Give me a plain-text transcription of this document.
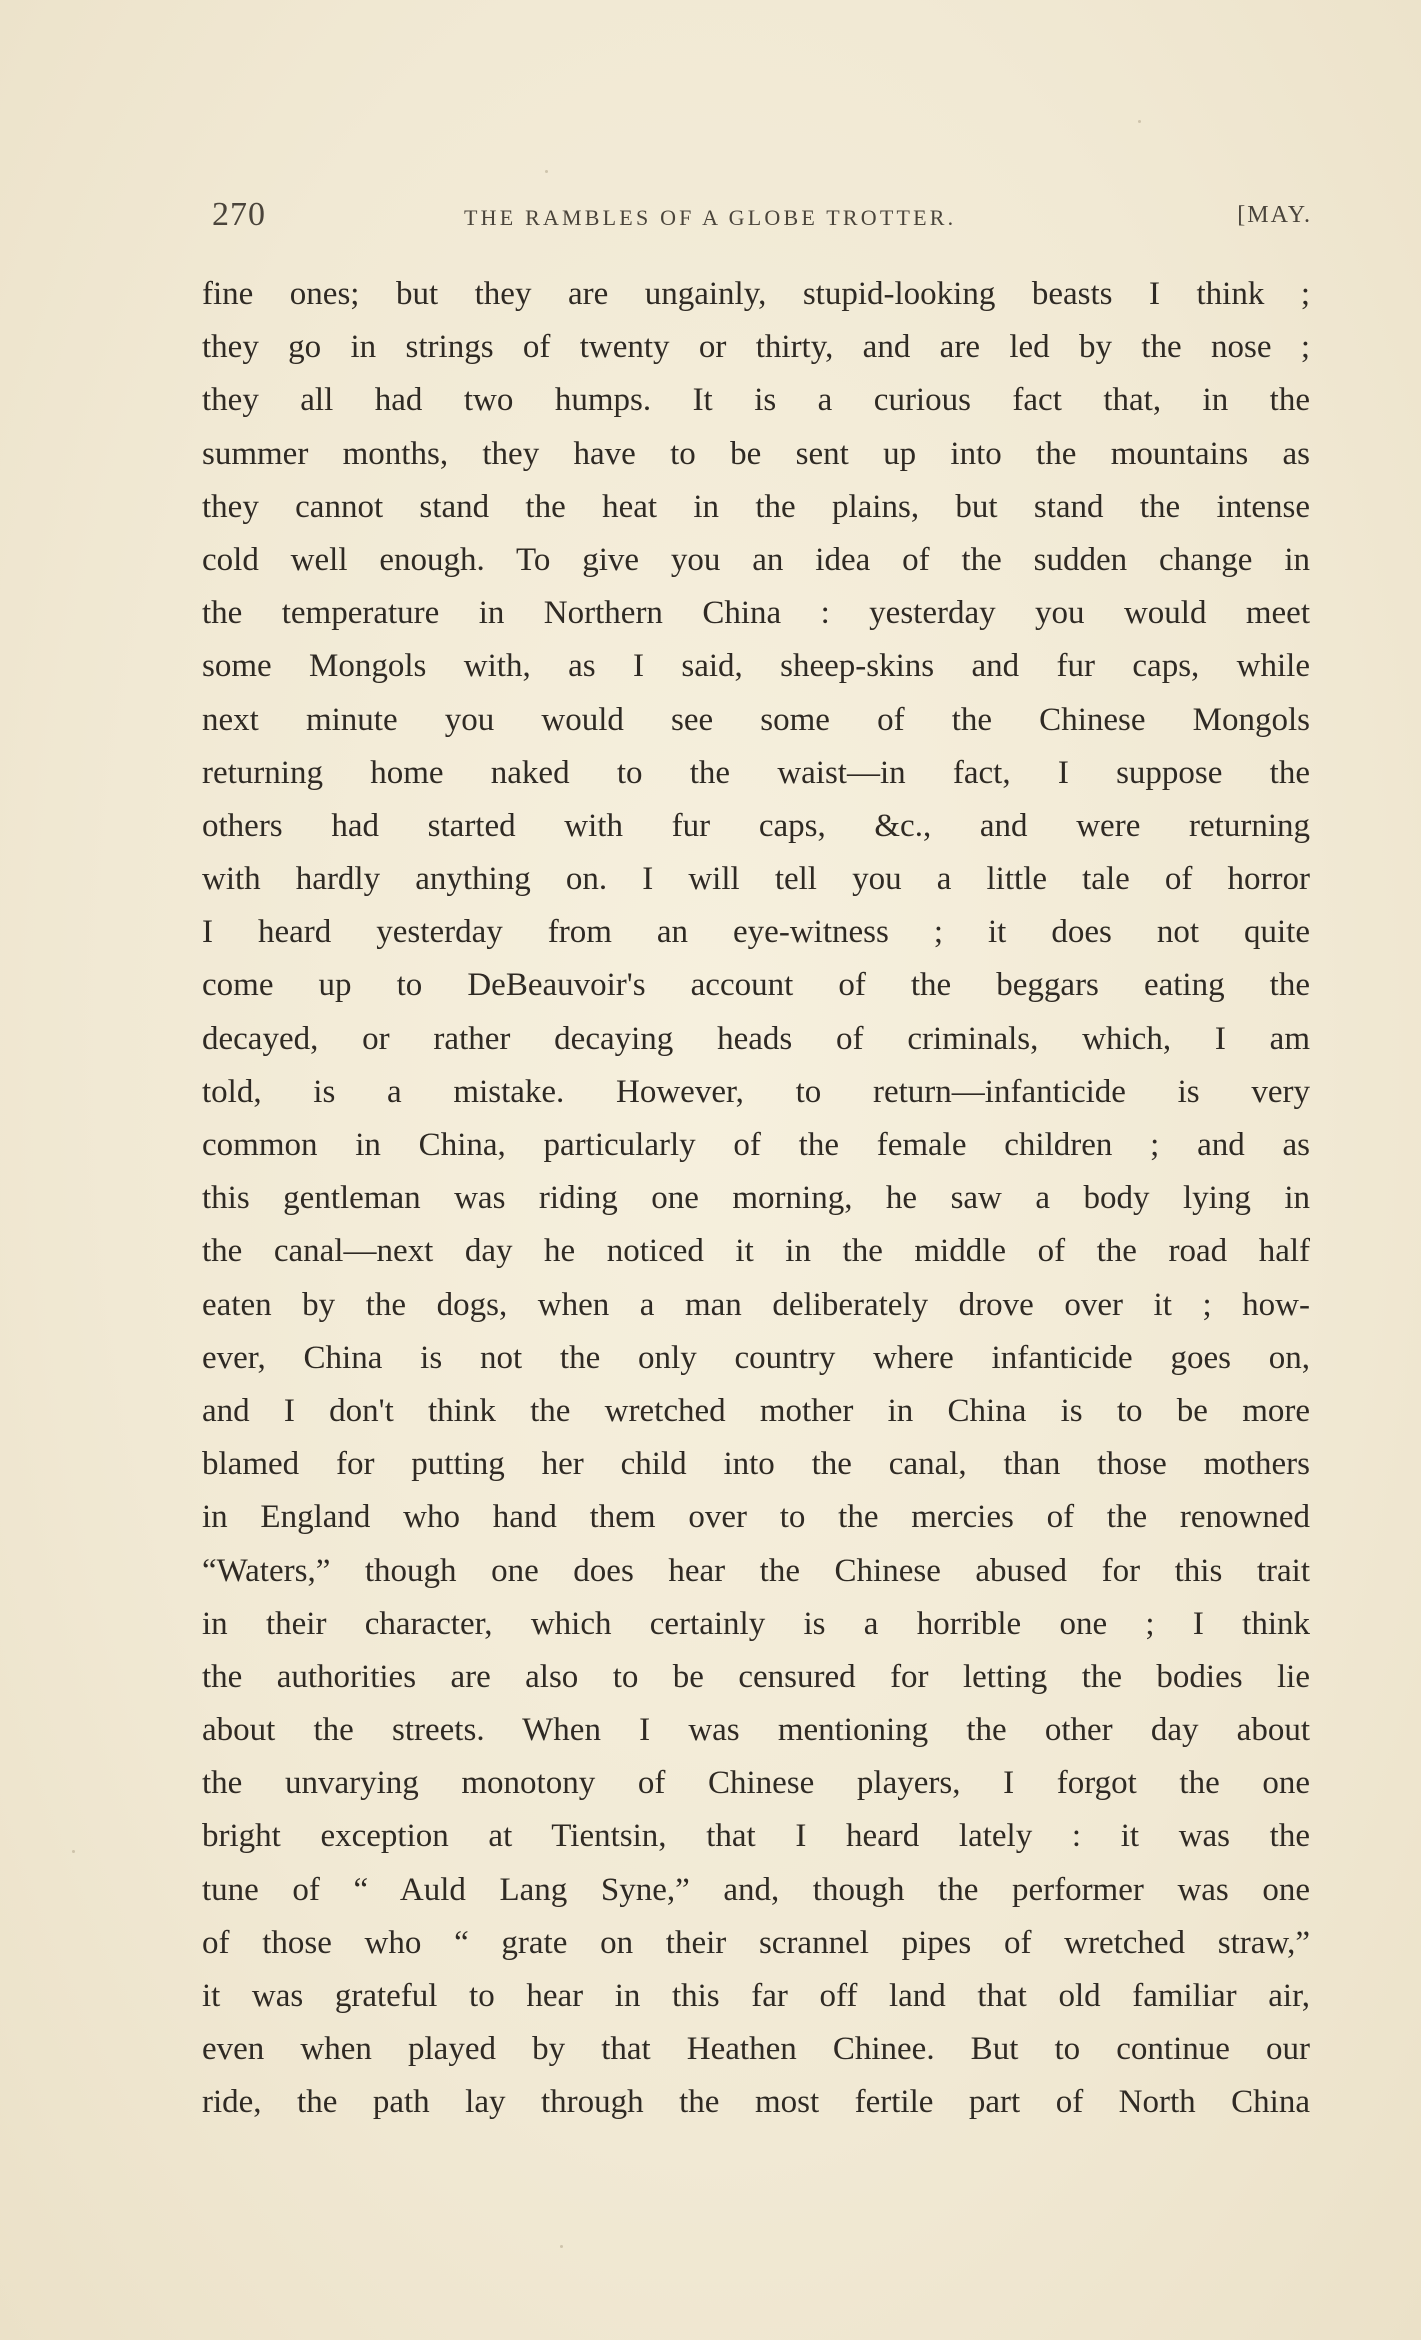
270	THE RAMBLES OF A GLOBE TROTTER.	[MAY.
fine ones; but they are ungainly, stupid-looking beasts I think ;
they go in strings of twenty or thirty, and are led by the nose ;
they all had two humps. It is a curious fact that, in the
summer months, they have to be sent up into the mountains as
they cannot stand the heat in the plains, but stand the intense
cold well enough. To give you an idea of the sudden change in
the temperature in Northern China : yesterday you would meet
some Mongols with, as I said, sheep-skins and fur caps, while
next minute you would see some of the Chinese Mongols
returning home naked to the waist—in fact, I suppose the
others had started with fur caps, &c., and were returning
with hardly anything on. I will tell you a little tale of horror
I heard yesterday from an eye-witness ; it does not quite
come up to DeBeauvoir's account of the beggars eating the
decayed, or rather decaying heads of criminals, which, I am
told, is a mistake. However, to return—infanticide is very
common in China, particularly of the female children ; and as
this gentleman was riding one morning, he saw a body lying in
the canal—next day he noticed it in the middle of the road half
eaten by the dogs, when a man deliberately drove over it ; how-
ever, China is not the only country where infanticide goes on,
and I don't think the wretched mother in China is to be more
blamed for putting her child into the canal, than those mothers
in England who hand them over to the mercies of the renowned
“Waters,” though one does hear the Chinese abused for this trait
in their character, which certainly is a horrible one ; I think
the authorities are also to be censured for letting the bodies lie
about the streets. When I was mentioning the other day about
the unvarying monotony of Chinese players, I forgot the one
bright exception at Tientsin, that I heard lately : it was the
tune of “ Auld Lang Syne,” and, though the performer was one
of those who “ grate on their scrannel pipes of wretched straw,”
it was grateful to hear in this far off land that old familiar air,
even when played by that Heathen Chinee. But to continue our
ride, the path lay through the most fertile part of North China
